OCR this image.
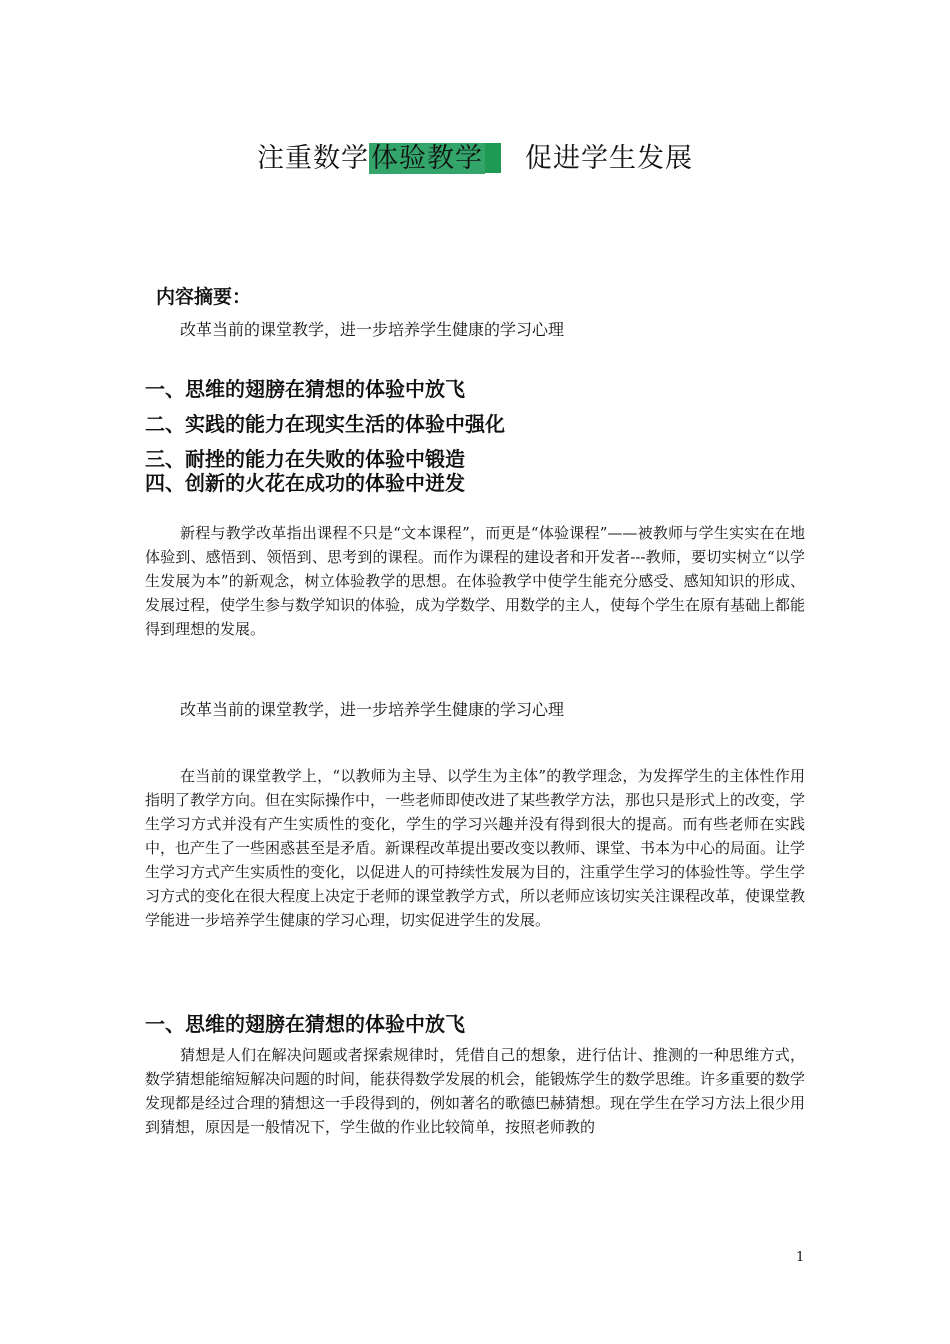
注重数学体验教学 促进学生发展
内容摘要：
改革当前的课堂教学，进一步培养学生健康的学习心理
一、思维的翅膀在猜想的体验中放飞
二、实践的能力在现实生活的体验中强化
三、耐挫的能力在失败的体验中锻造
四、创新的火花在成功的体验中迸发
新程与教学改革指出课程不只是“文本课程”，而更是“体验课程”——被教师与学生实实在在地体验到、感悟到、领悟到、思考到的课程。而作为课程的建设者和开发者---教师，要切实树立“以学生发展为本”的新观念，树立体验教学的思想。在体验教学中使学生能充分感受、感知知识的形成、发展过程，使学生参与数学知识的体验，成为学数学、用数学的主人，使每个学生在原有基础上都能得到理想的发展。
改革当前的课堂教学，进一步培养学生健康的学习心理
在当前的课堂教学上，“以教师为主导、以学生为主体”的教学理念，为发挥学生的主体性作用指明了教学方向。但在实际操作中，一些老师即使改进了某些教学方法，那也只是形式上的改变，学生学习方式并没有产生实质性的变化，学生的学习兴趣并没有得到很大的提高。而有些老师在实践中，也产生了一些困惑甚至是矛盾。新课程改革提出要改变以教师、课堂、书本为中心的局面。让学生学习方式产生实质性的变化，以促进人的可持续性发展为目的，注重学生学习的体验性等。学生学习方式的变化在很大程度上决定于老师的课堂教学方式，所以老师应该切实关注课程改革，使课堂教学能进一步培养学生健康的学习心理，切实促进学生的发展。
一、思维的翅膀在猜想的体验中放飞
猜想是人们在解决问题或者探索规律时，凭借自己的想象，进行估计、推测的一种思维方式，数学猜想能缩短解决问题的时间，能获得数学发展的机会，能锻炼学生的数学思维。许多重要的数学发现都是经过合理的猜想这一手段得到的，例如著名的歌德巴赫猜想。现在学生在学习方法上很少用到猜想，原因是一般情况下，学生做的作业比较简单，按照老师教的
1
